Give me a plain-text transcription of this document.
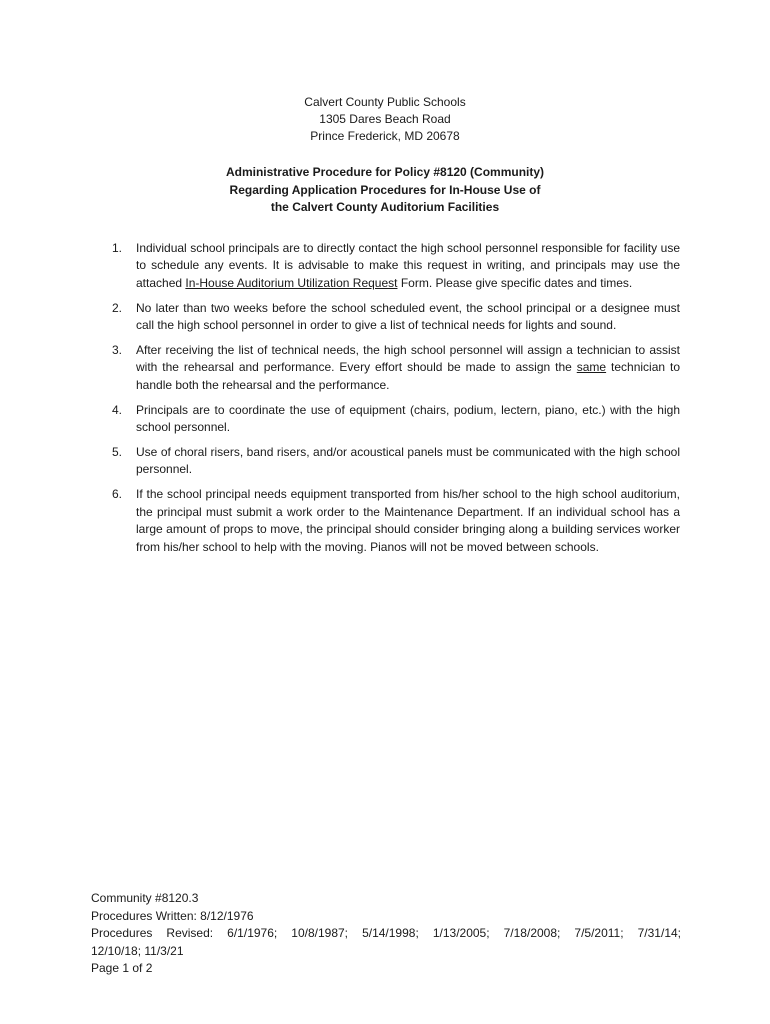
Calvert County Public Schools
1305 Dares Beach Road
Prince Frederick, MD 20678
Administrative Procedure for Policy #8120 (Community)
Regarding Application Procedures for In-House Use of
the Calvert County Auditorium Facilities
1. Individual school principals are to directly contact the high school personnel responsible for facility use to schedule any events. It is advisable to make this request in writing, and principals may use the attached In-House Auditorium Utilization Request Form. Please give specific dates and times.
2. No later than two weeks before the school scheduled event, the school principal or a designee must call the high school personnel in order to give a list of technical needs for lights and sound.
3. After receiving the list of technical needs, the high school personnel will assign a technician to assist with the rehearsal and performance. Every effort should be made to assign the same technician to handle both the rehearsal and the performance.
4. Principals are to coordinate the use of equipment (chairs, podium, lectern, piano, etc.) with the high school personnel.
5. Use of choral risers, band risers, and/or acoustical panels must be communicated with the high school personnel.
6. If the school principal needs equipment transported from his/her school to the high school auditorium, the principal must submit a work order to the Maintenance Department. If an individual school has a large amount of props to move, the principal should consider bringing along a building services worker from his/her school to help with the moving. Pianos will not be moved between schools.
Community #8120.3
Procedures Written: 8/12/1976
Procedures Revised: 6/1/1976; 10/8/1987; 5/14/1998; 1/13/2005; 7/18/2008; 7/5/2011; 7/31/14;
12/10/18; 11/3/21
Page 1 of 2
